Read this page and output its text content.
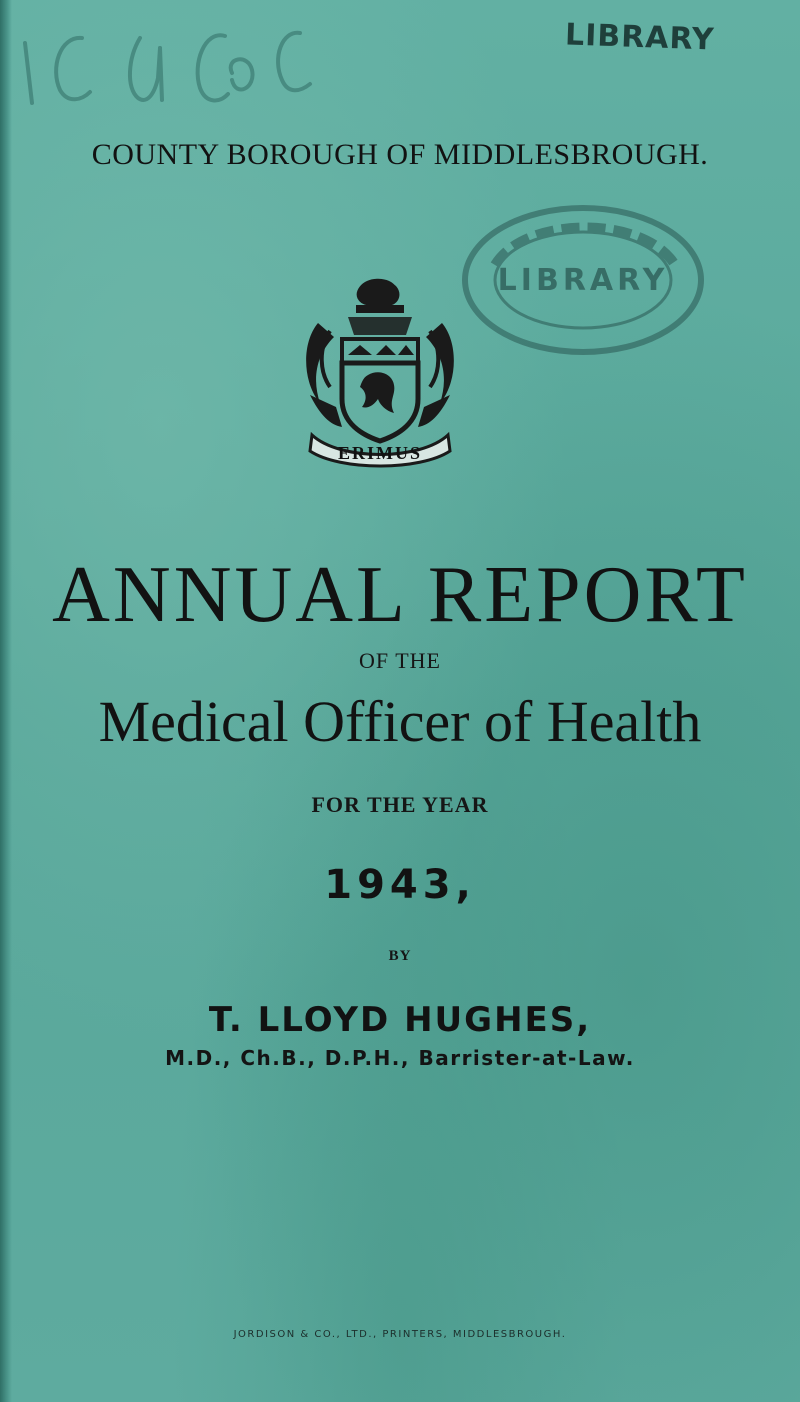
LIBRARY
COUNTY BOROUGH OF MIDDLESBROUGH.
LIBRARY
ERIMUS
ANNUAL REPORT
OF THE
Medical Officer of Health
FOR THE YEAR
1943,
BY
T. LLOYD HUGHES,
M.D., Ch.B., D.P.H., Barrister-at-Law.
JORDISON & CO., LTD., PRINTERS, MIDDLESBROUGH.
